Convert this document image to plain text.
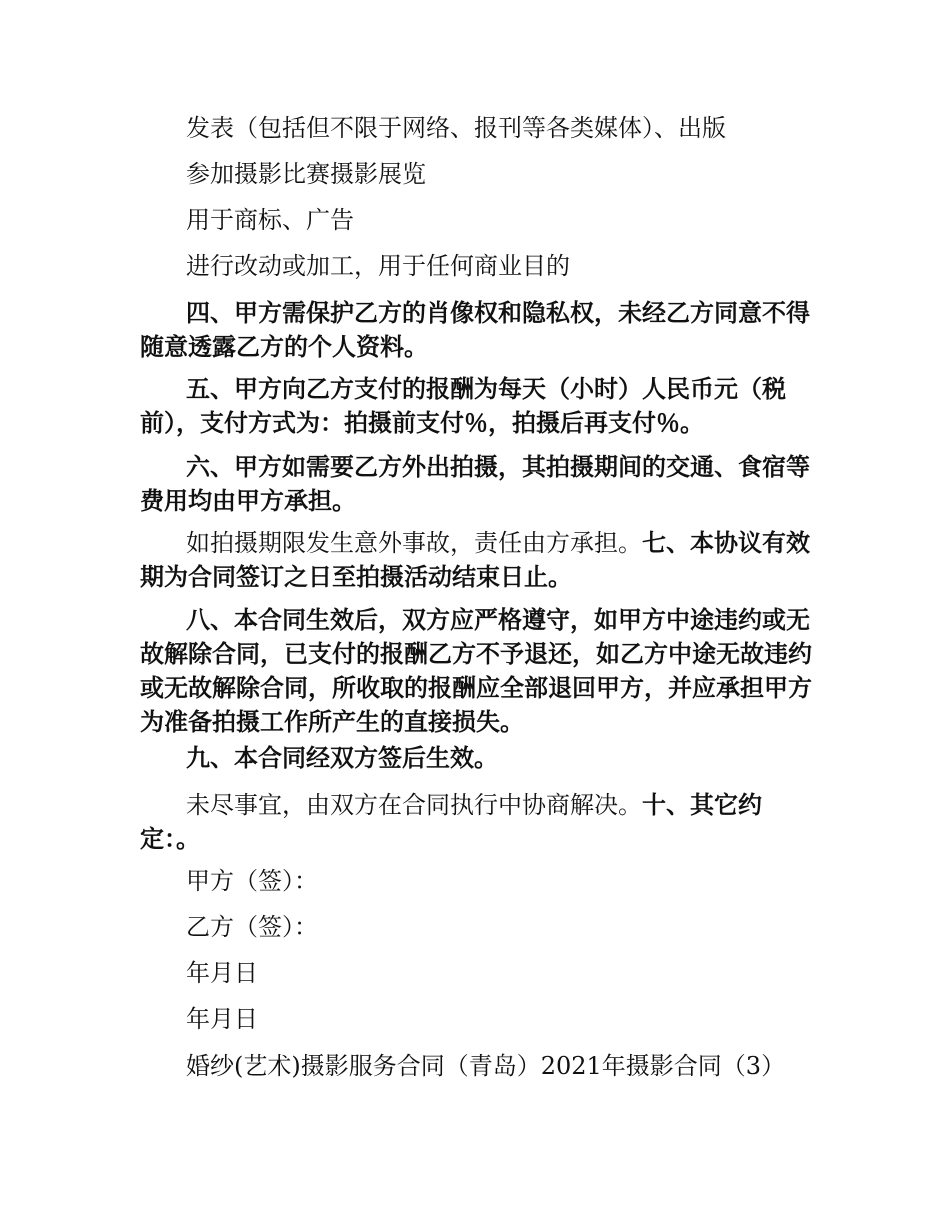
发表（包括但不限于网络、报刊等各类媒体）、出版

参加摄影比赛摄影展览

用于商标、广告

进行改动或加工，用于任何商业目的

四、甲方需保护乙方的肖像权和隐私权，未经乙方同意不得随意透露乙方的个人资料。

五、甲方向乙方支付的报酬为每天（小时）人民币元（税前），支付方式为：拍摄前支付％，拍摄后再支付％。

六、甲方如需要乙方外出拍摄，其拍摄期间的交通、食宿等费用均由甲方承担。

如拍摄期限发生意外事故，责任由方承担。七、本协议有效期为合同签订之日至拍摄活动结束日止。

八、本合同生效后，双方应严格遵守，如甲方中途违约或无故解除合同，已支付的报酬乙方不予退还，如乙方中途无故违约或无故解除合同，所收取的报酬应全部退回甲方，并应承担甲方为准备拍摄工作所产生的直接损失。

九、本合同经双方签后生效。

未尽事宜，由双方在合同执行中协商解决。十、其它约定：。

甲方（签）：

乙方（签）：

年月日

年月日

婚纱(艺术)摄影服务合同（青岛）2021年摄影合同（3）
